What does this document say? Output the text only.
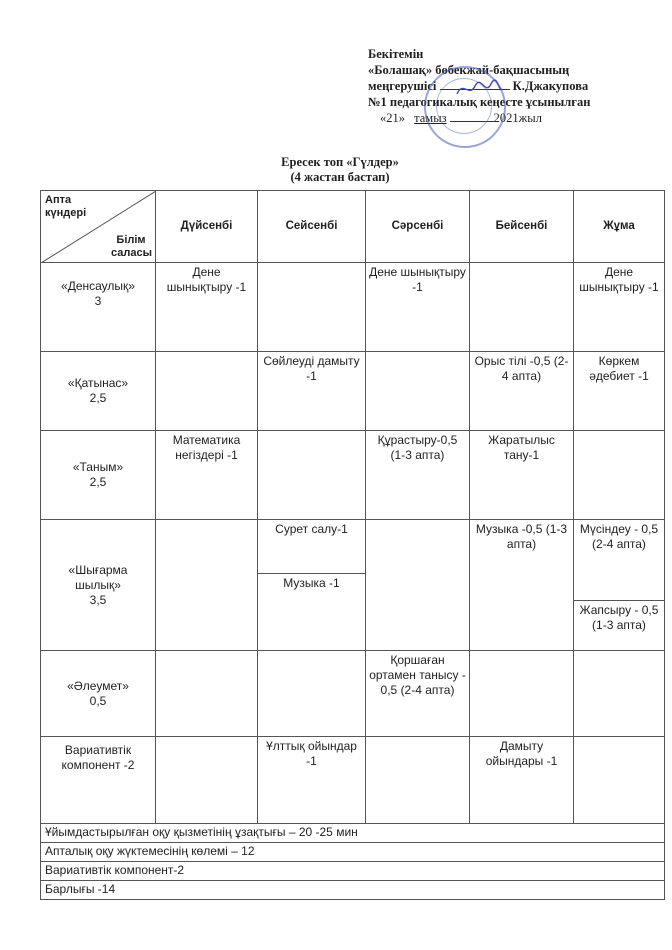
Бекітемін
«Болашақ» бөбекжай-бақшасының
меңгерушісі	К.Джакупова
№1 педагогикалық кеңесте ұсынылған
«21» тамыз	2021жыл
Ересек топ «Гүлдер»
(4 жастан бастап)
Апта күндері
Білім саласы	Дүйсенбі	Сейсенбі	Сәрсенбі	Бейсенбі	Жұма

«Денсаулық»
3	Дене шынықтыру -1		Дене шынықтыру -1		Дене шынықтыру -1

«Қатынас»
2,5		Сөйлеуді дамыту -1		Орыс тілі -0,5 (2-4 апта)	Көркем әдебиет -1

«Таным»
2,5	Математика негіздері -1		Құрастыру-0,5 (1-3 апта)	Жаратылыс тану-1	

«Шығарма
шылық»
3,5		Сурет салу-1		Музыка -0,5 (1-3 апта)	Мүсіндеу - 0,5 (2-4 апта)
		Музыка -1			
					Жапсыру - 0,5 (1-3 апта)

«Әлеумет»
0,5			Қоршаған ортамен танысу - 0,5 (2-4 апта)		
Вариативтік компонент -2		Ұлттық ойындар -1		Дамыту ойындары -1	
Ұйымдастырылған оқу қызметінің ұзақтығы – 20 -25 мин					
Апталық оқу жүктемесінің көлемі – 12					
Вариативтік компонент-2					
Барлығы -14					
